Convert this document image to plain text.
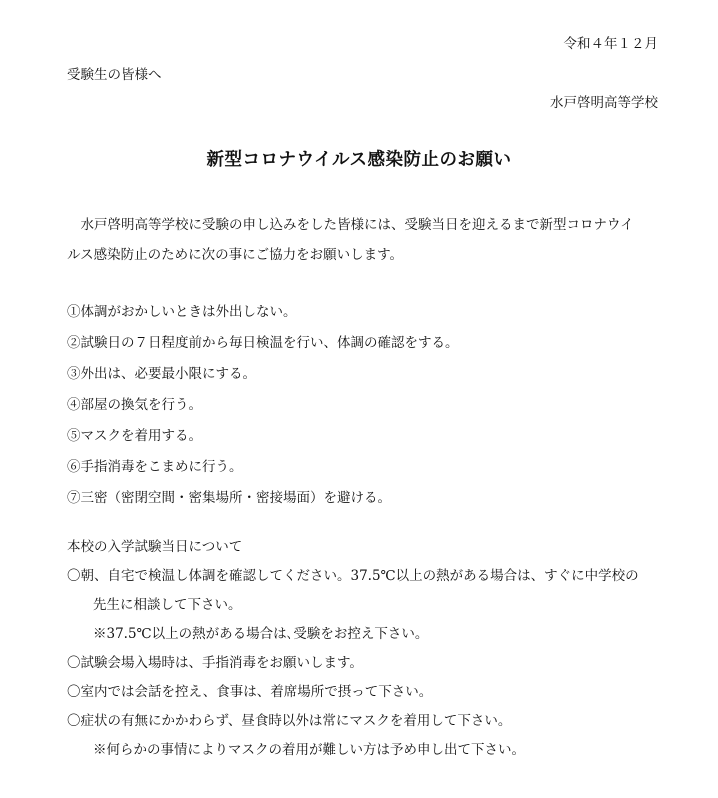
令和４年１２月
受験生の皆様へ
水戸啓明高等学校
新型コロナウイルス感染防止のお願い
　水戸啓明高等学校に受験の申し込みをした皆様には、受験当日を迎えるまで新型コロナウイ
ルス感染防止のために次の事にご協力をお願いします。
①体調がおかしいときは外出しない。
②試験日の７日程度前から毎日検温を行い、体調の確認をする。
③外出は、必要最小限にする。
④部屋の換気を行う。
⑤マスクを着用する。
⑥手指消毒をこまめに行う。
⑦三密（密閉空間・密集場所・密接場面）を避ける。
本校の入学試験当日について
〇朝、自宅で検温し体調を確認してください。37.5℃以上の熱がある場合は、すぐに中学校の
先生に相談して下さい。
※37.5℃以上の熱がある場合は､受験をお控え下さい。
〇試験会場入場時は、手指消毒をお願いします。
〇室内では会話を控え、食事は、着席場所で摂って下さい。
〇症状の有無にかかわらず、昼食時以外は常にマスクを着用して下さい。
※何らかの事情によりマスクの着用が難しい方は予め申し出て下さい。
